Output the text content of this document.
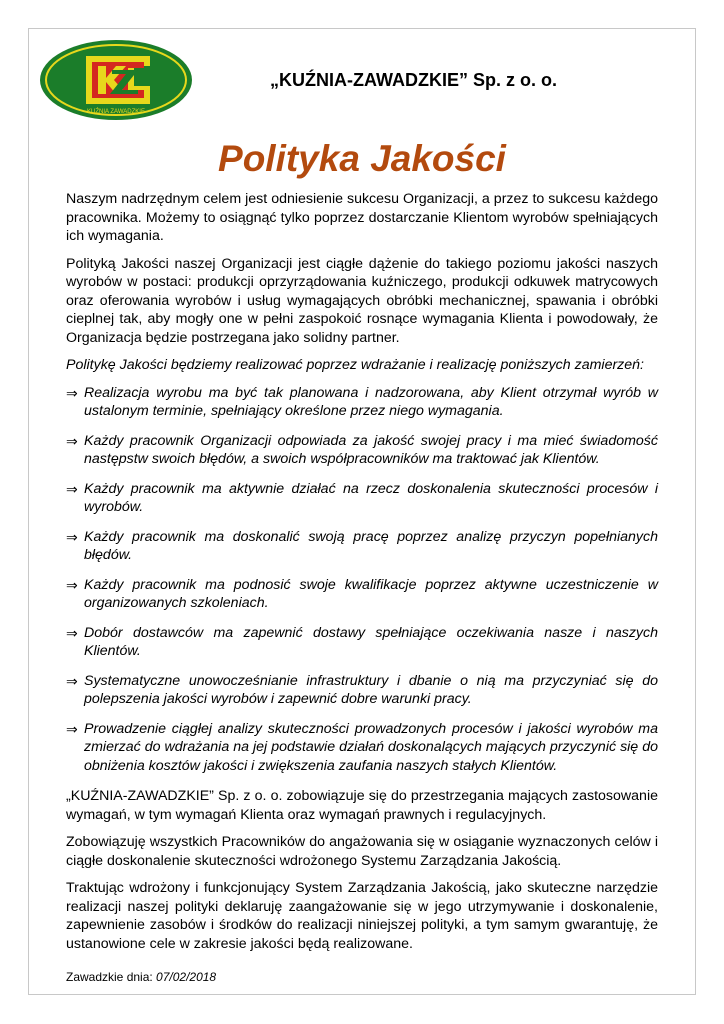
KUŹNIA ZAWADZKIE
„KUŹNIA-ZAWADZKIE” Sp. z o. o.
Polityka Jakości

Naszym nadrzędnym celem jest odniesienie sukcesu Organizacji, a przez to sukcesu każdego pracownika. Możemy to osiągnąć tylko poprzez dostarczanie Klientom wyrobów spełniających ich wymagania.

Polityką Jakości naszej Organizacji jest ciągłe dążenie do takiego poziomu jakości naszych wyrobów w postaci: produkcji oprzyrządowania kuźniczego, produkcji odkuwek matrycowych oraz oferowania wyrobów i usług wymagających obróbki mechanicznej, spawania i obróbki cieplnej tak, aby mogły one w pełni zaspokoić rosnące wymagania Klienta i powodowały, że Organizacja będzie postrzegana jako solidny partner.

Politykę Jakości będziemy realizować poprzez wdrażanie i realizację poniższych zamierzeń:

⇒ Realizacja wyrobu ma być tak planowana i nadzorowana, aby Klient otrzymał wyrób w ustalonym terminie, spełniający określone przez niego wymagania.
⇒ Każdy pracownik Organizacji odpowiada za jakość swojej pracy i ma mieć świadomość następstw swoich błędów, a swoich współpracowników ma traktować jak Klientów.
⇒ Każdy pracownik ma aktywnie działać na rzecz doskonalenia skuteczności procesów i wyrobów.
⇒ Każdy pracownik ma doskonalić swoją pracę poprzez analizę przyczyn popełnianych błędów.
⇒ Każdy pracownik ma podnosić swoje kwalifikacje poprzez aktywne uczestniczenie w organizowanych szkoleniach.
⇒ Dobór dostawców ma zapewnić dostawy spełniające oczekiwania nasze i naszych Klientów.
⇒ Systematyczne unowocześnianie infrastruktury i dbanie o nią ma przyczyniać się do polepszenia jakości wyrobów i zapewnić dobre warunki pracy.
⇒ Prowadzenie ciągłej analizy skuteczności prowadzonych procesów i jakości wyrobów ma zmierzać do wdrażania na jej podstawie działań doskonalących mających przyczynić się do obniżenia kosztów jakości i zwiększenia zaufania naszych stałych Klientów.

„KUŹNIA-ZAWADZKIE” Sp. z o. o. zobowiązuje się do przestrzegania mających zastosowanie wymagań, w tym wymagań Klienta oraz wymagań prawnych i regulacyjnych.

Zobowiązuję wszystkich Pracowników do angażowania się w osiąganie wyznaczonych celów i ciągłe doskonalenie skuteczności wdrożonego Systemu Zarządzania Jakością.

Traktując wdrożony i funkcjonujący System Zarządzania Jakością, jako skuteczne narzędzie realizacji naszej polityki deklaruję zaangażowanie się w jego utrzymywanie i doskonalenie, zapewnienie zasobów i środków do realizacji niniejszej polityki, a tym samym gwarantuję, że ustanowione cele w zakresie jakości będą realizowane.

Zawadzkie dnia: 07/02/2018
